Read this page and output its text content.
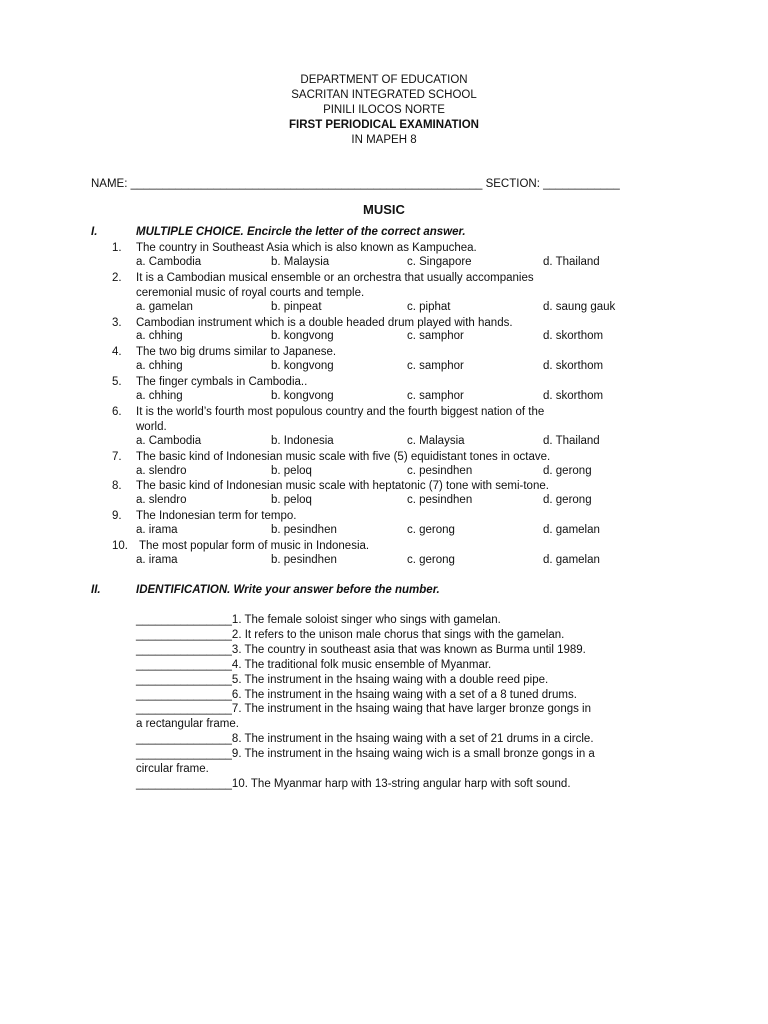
DEPARTMENT OF EDUCATION
SACRITAN INTEGRATED SCHOOL
PINILI ILOCOS NORTE
FIRST PERIODICAL EXAMINATION
IN MAPEH 8
NAME: _______________________________________________________ SECTION: ____________
MUSIC
I.	MULTIPLE CHOICE. Encircle the letter of the correct answer.
1. The country in Southeast Asia which is also known as Kampuchea.
a. Cambodia	b. Malaysia	c. Singapore	d. Thailand
2. It is a Cambodian musical ensemble or an orchestra that usually accompanies
ceremonial music of royal courts and temple.
a. gamelan	b. pinpeat	c. piphat	d. saung gauk
3. Cambodian instrument which is a double headed drum played with hands.
a. chhing	b. kongvong	c. samphor	d. skorthom
4. The two big drums similar to Japanese.
a. chhing	b. kongvong	c. samphor	d. skorthom
5. The finger cymbals in Cambodia..
a. chhing	b. kongvong	c. samphor	d. skorthom
6. It is the world’s fourth most populous country and the fourth biggest nation of the
world.
a. Cambodia	b. Indonesia	c. Malaysia	d. Thailand
7. The basic kind of Indonesian music scale with five (5) equidistant tones in octave.
a. slendro	b. peloq	c. pesindhen	d. gerong
8. The basic kind of Indonesian music scale with heptatonic (7) tone with semi-tone.
a. slendro	b. peloq	c. pesindhen	d. gerong
9. The Indonesian term for tempo.
a. irama	b. pesindhen	c. gerong	d. gamelan
10. The most popular form of music in Indonesia.
a. irama	b. pesindhen	c. gerong	d. gamelan
II.	IDENTIFICATION. Write your answer before the number.
_______________1. The female soloist singer who sings with gamelan.
_______________2. It refers to the unison male chorus that sings with the gamelan.
_______________3. The country in southeast asia that was known as Burma until 1989.
_______________4. The traditional folk music ensemble of Myanmar.
_______________5. The instrument in the hsaing waing with a double reed pipe.
_______________6. The instrument in the hsaing waing with a set of a 8 tuned drums.
_______________7. The instrument in the hsaing waing that have larger bronze gongs in
a rectangular frame.
_______________8. The instrument in the hsaing waing with a set of 21 drums in a circle.
_______________9. The instrument in the hsaing waing wich is a small bronze gongs in a
circular frame.
_______________10. The Myanmar harp with 13-string angular harp with soft sound.
